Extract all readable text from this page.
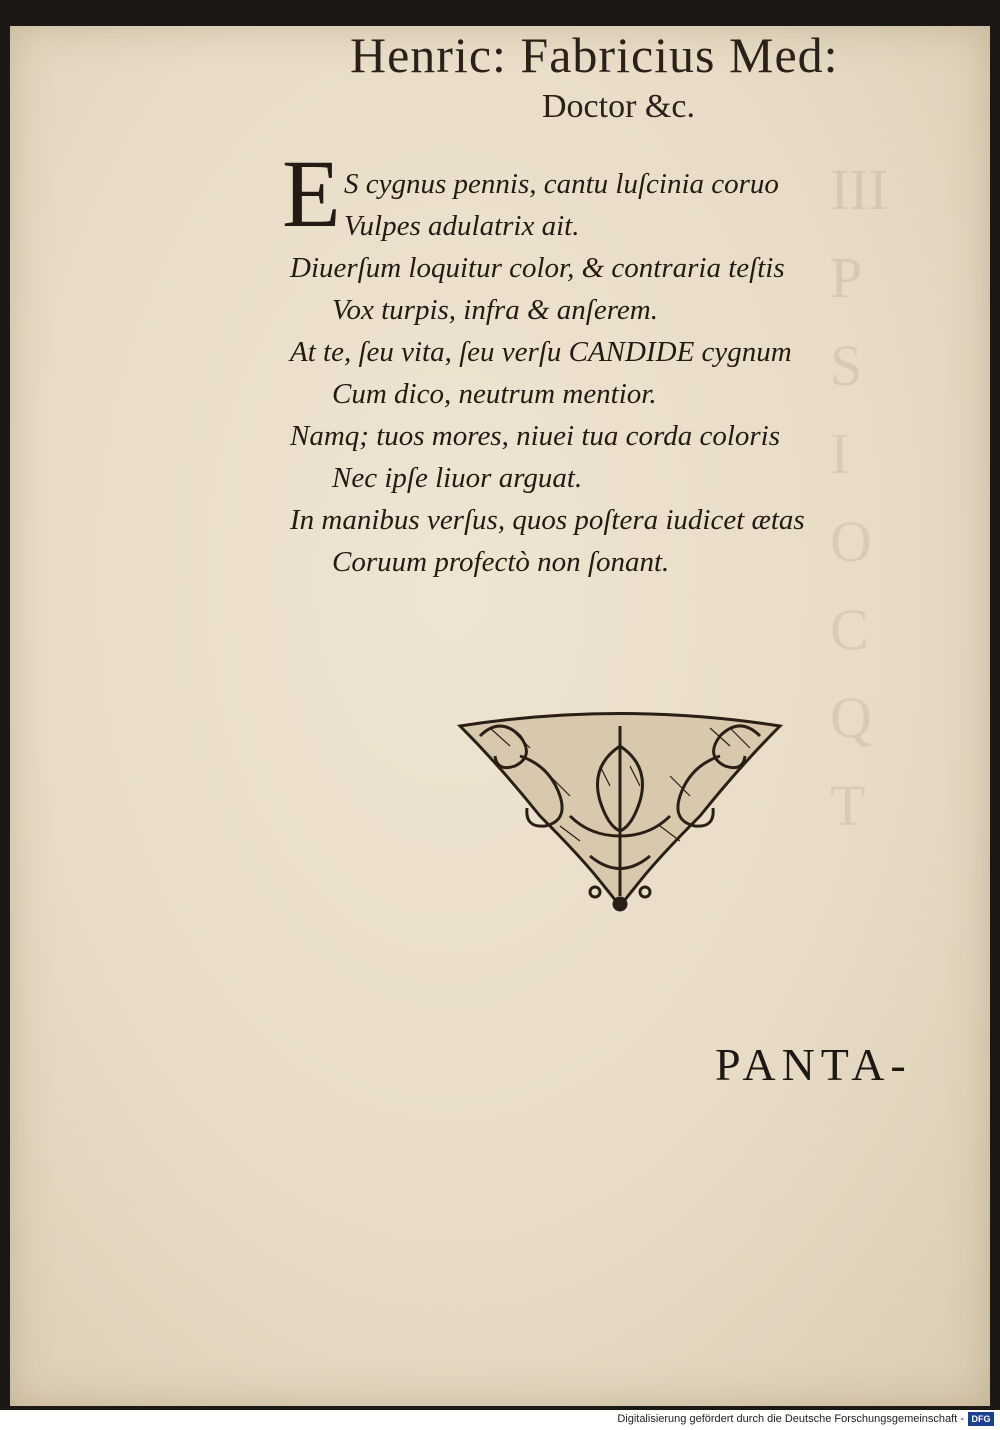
III
P
S
I
O
C
Q
T
Henric: Fabricius Med:
Doctor &c.
E S cygnus pennis, cantu luſcinia coruo
Vulpes adulatrix ait.
Diuerſum loquitur color, & contraria teſtis
Vox turpis, infra & anſerem.
At te, ſeu vita, ſeu verſu CANDIDE cygnum
Cum dico, neutrum mentior.
Namq; tuos mores, niuei tua corda coloris
Nec ipſe liuor arguat.
In manibus verſus, quos poſtera iudicet ætas
Coruum profectò non ſonant.
PANTA-
Digitalisierung gefördert durch die Deutsche Forschungsgemeinschaft - DFG
